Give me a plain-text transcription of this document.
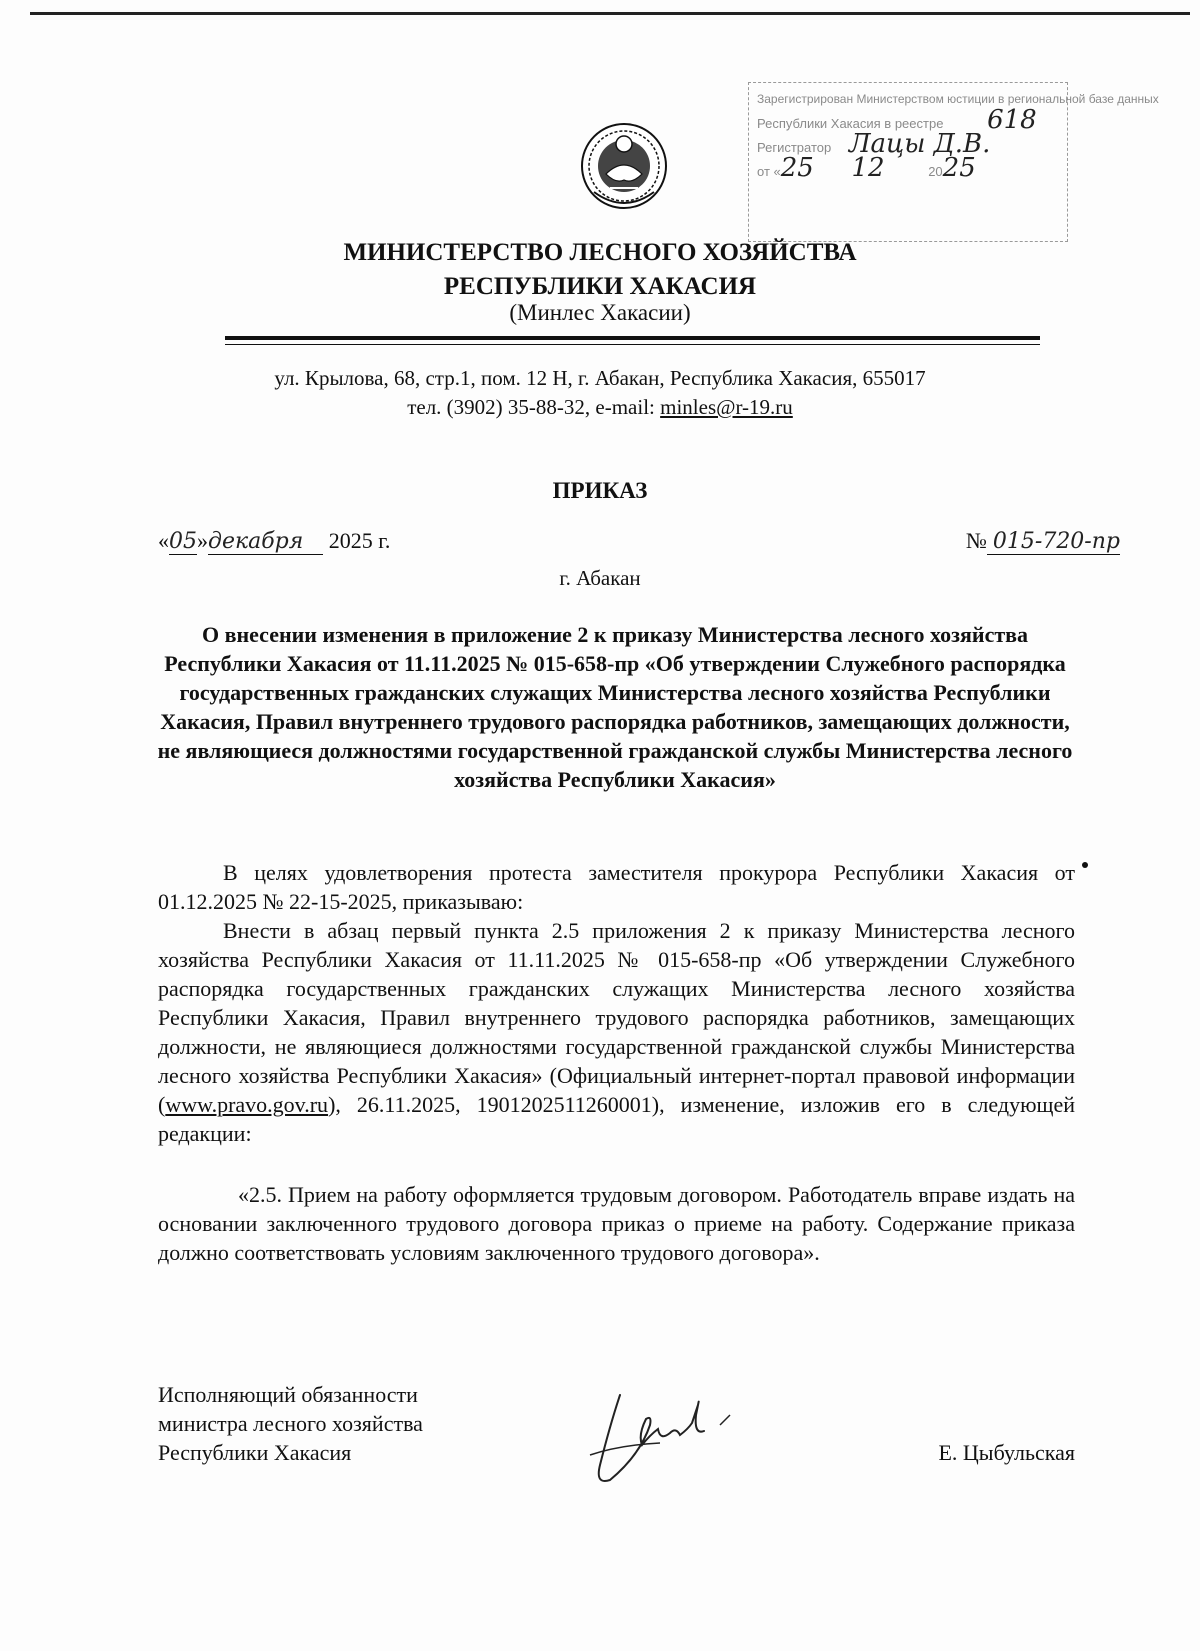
Зарегистрирован Министерством юстиции в региональной базе данных
Республики Хакасия в реестре 618
Регистратор Лацы Д.В.
от «25 12	2025
МИНИСТЕРСТВО ЛЕСНОГО ХОЗЯЙСТВА
РЕСПУБЛИКИ ХАКАСИЯ
(Минлес Хакасии)
ул. Крылова, 68, стр.1, пом. 12 Н, г. Абакан, Республика Хакасия, 655017
тел. (3902) 35-88-32, e-mail: minles@r-19.ru
ПРИКАЗ
«05»декабря 2025 г.	№ 015-720-пр
г. Абакан
О внесении изменения в приложение 2 к приказу Министерства лесного хозяйства Республики Хакасия от 11.11.2025 № 015-658-пр «Об утверждении Служебного распорядка государственных гражданских служащих Министерства лесного хозяйства Республики Хакасия, Правил внутреннего трудового распорядка работников, замещающих должности, не являющиеся должностями государственной гражданской службы Министерства лесного хозяйства Республики Хакасия»

В целях удовлетворения протеста заместителя прокурора Республики Хакасия от 01.12.2025 № 22-15-2025, приказываю:

Внести в абзац первый пункта 2.5 приложения 2 к приказу Министерства лесного хозяйства Республики Хакасия от 11.11.2025 № 015-658-пр «Об утверждении Служебного распорядка государственных гражданских служащих Министерства лесного хозяйства Республики Хакасия, Правил внутреннего трудового распорядка работников, замещающих должности, не являющиеся должностями государственной гражданской службы Министерства лесного хозяйства Республики Хакасия» (Официальный интернет-портал правовой информации (www.pravo.gov.ru), 26.11.2025, 1901202511260001), изменение, изложив его в следующей редакции:

«2.5. Прием на работу оформляется трудовым договором. Работодатель вправе издать на основании заключенного трудового договора приказ о приеме на работу. Содержание приказа должно соответствовать условиям заключенного трудового договора».

Исполняющий обязанности
министра лесного хозяйства
Республики Хакасия	Е. Цыбульская
